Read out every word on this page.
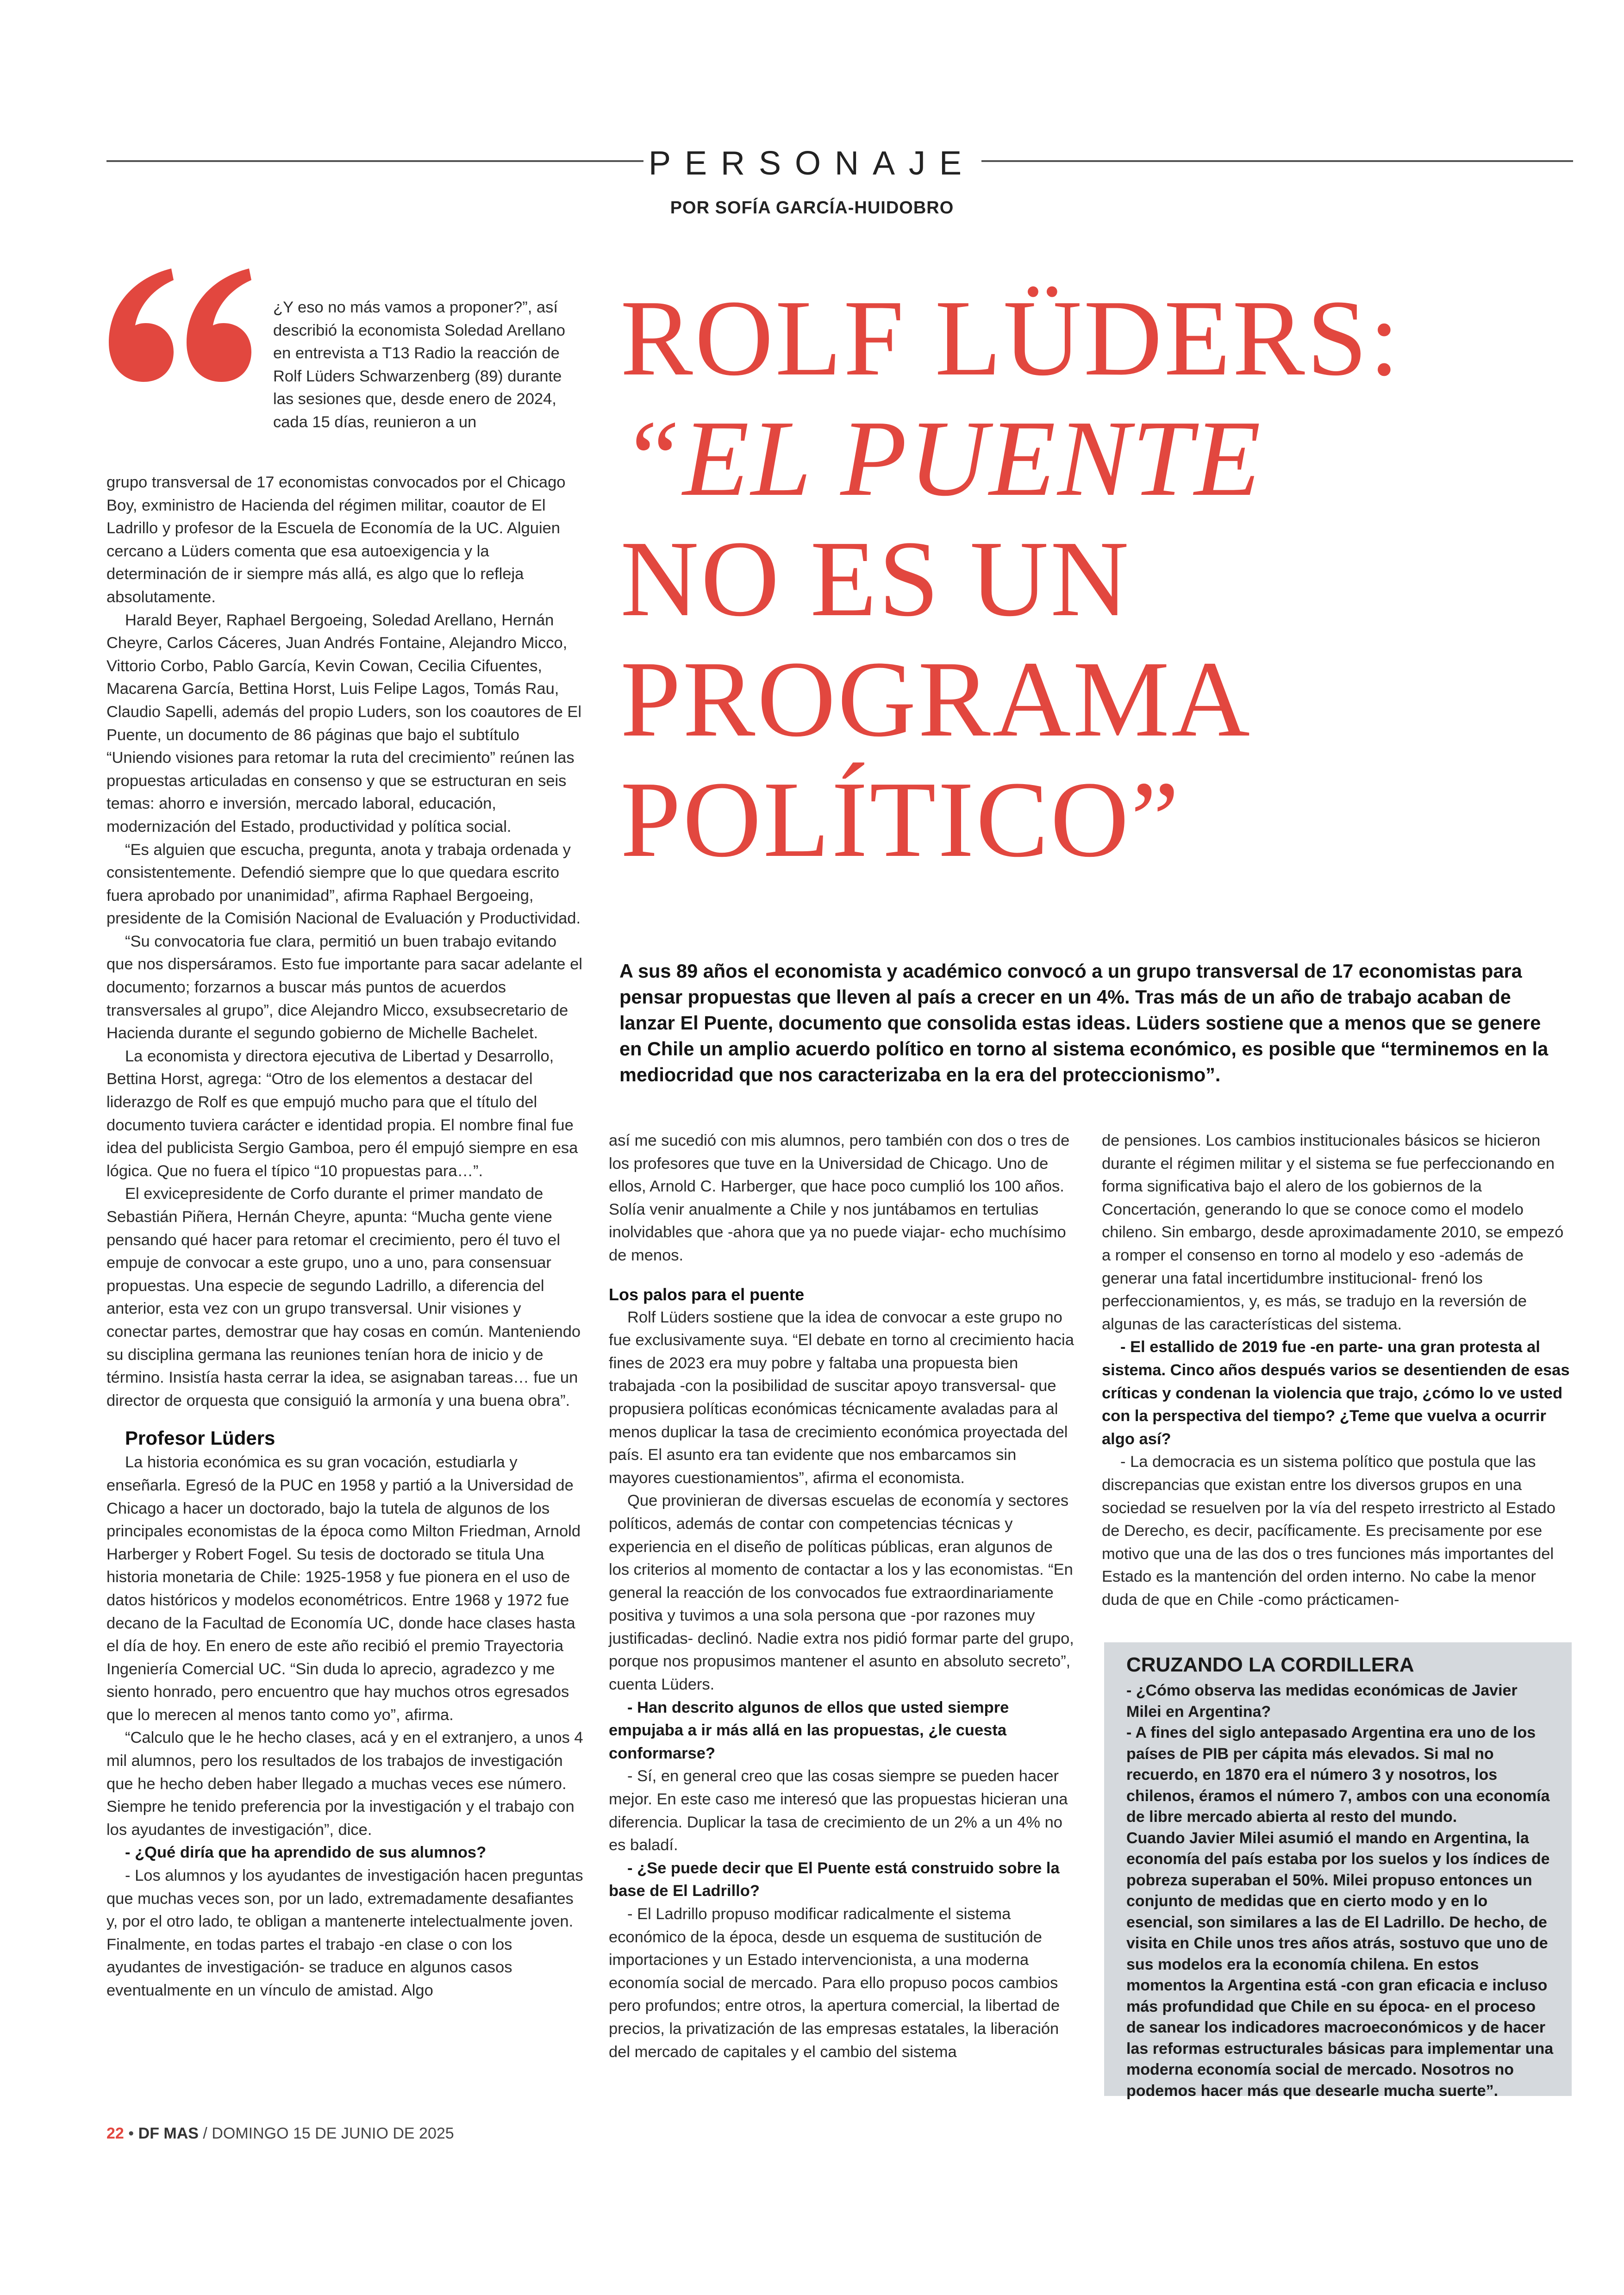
PERSONAJE
POR SOFÍA GARCÍA-HUIDOBRO

¿Y eso no más vamos a proponer?”, así describió la economista Soledad Arellano en entrevista a T13 Radio la reacción de Rolf Lüders Schwarzenberg (89) durante las sesiones que, desde enero de 2024, cada 15 días, reunieron a un

grupo transversal de 17 economistas convocados por el Chicago Boy, exministro de Hacienda del régimen militar, coautor de El Ladrillo y profesor de la Escuela de Economía de la UC. Alguien cercano a Lüders comenta que esa autoexigencia y la determinación de ir siempre más allá, es algo que lo refleja absolutamente.

Harald Beyer, Raphael Bergoeing, Soledad Arellano, Hernán Cheyre, Carlos Cáceres, Juan Andrés Fontaine, Alejandro Micco, Vittorio Corbo, Pablo García, Kevin Cowan, Cecilia Cifuentes, Macarena García, Bettina Horst, Luis Felipe Lagos, Tomás Rau, Claudio Sapelli, además del propio Luders, son los coautores de El Puente, un documento de 86 páginas que bajo el subtítulo “Uniendo visiones para retomar la ruta del crecimiento” reúnen las propuestas articuladas en consenso y que se estructuran en seis temas: ahorro e inversión, mercado laboral, educación, modernización del Estado, productividad y política social.

“Es alguien que escucha, pregunta, anota y trabaja ordenada y consistentemente. Defendió siempre que lo que quedara escrito fuera aprobado por unanimidad”, afirma Raphael Bergoeing, presidente de la Comisión Nacional de Evaluación y Productividad.

“Su convocatoria fue clara, permitió un buen trabajo evitando que nos dispersáramos. Esto fue importante para sacar adelante el documento; forzarnos a buscar más puntos de acuerdos transversales al grupo”, dice Alejandro Micco, exsubsecretario de Hacienda durante el segundo gobierno de Michelle Bachelet.

La economista y directora ejecutiva de Libertad y Desarrollo, Bettina Horst, agrega: “Otro de los elementos a destacar del liderazgo de Rolf es que empujó mucho para que el título del documento tuviera carácter e identidad propia. El nombre final fue idea del publicista Sergio Gamboa, pero él empujó siempre en esa lógica. Que no fuera el típico “10 propuestas para…”.

El exvicepresidente de Corfo durante el primer mandato de Sebastián Piñera, Hernán Cheyre, apunta: “Mucha gente viene pensando qué hacer para retomar el crecimiento, pero él tuvo el empuje de convocar a este grupo, uno a uno, para consensuar propuestas. Una especie de segundo Ladrillo, a diferencia del anterior, esta vez con un grupo transversal. Unir visiones y conectar partes, demostrar que hay cosas en común. Manteniendo su disciplina germana las reuniones tenían hora de inicio y de término. Insistía hasta cerrar la idea, se asignaban tareas… fue un director de orquesta que consiguió la armonía y una buena obra”.

Profesor Lüders

La historia económica es su gran vocación, estudiarla y enseñarla. Egresó de la PUC en 1958 y partió a la Universidad de Chicago a hacer un doctorado, bajo la tutela de algunos de los principales economistas de la época como Milton Friedman, Arnold Harberger y Robert Fogel. Su tesis de doctorado se titula Una historia monetaria de Chile: 1925-1958 y fue pionera en el uso de datos históricos y modelos econométricos. Entre 1968 y 1972 fue decano de la Facultad de Economía UC, donde hace clases hasta el día de hoy. En enero de este año recibió el premio Trayectoria Ingeniería Comercial UC. “Sin duda lo aprecio, agradezco y me siento honrado, pero encuentro que hay muchos otros egresados que lo merecen al menos tanto como yo”, afirma.

“Calculo que le he hecho clases, acá y en el extranjero, a unos 4 mil alumnos, pero los resultados de los trabajos de investigación que he hecho deben haber llegado a muchas veces ese número. Siempre he tenido preferencia por la investigación y el trabajo con los ayudantes de investigación”, dice.

- ¿Qué diría que ha aprendido de sus alumnos?

- Los alumnos y los ayudantes de investigación hacen preguntas que muchas veces son, por un lado, extremadamente desafiantes y, por el otro lado, te obligan a mantenerte intelectualmente joven. Finalmente, en todas partes el trabajo -en clase o con los ayudantes de investigación- se traduce en algunos casos eventualmente en un vínculo de amistad. Algo

ROLF LÜDERS:
“EL PUENTE
NO ES UN
PROGRAMA
POLÍTICO”
A sus 89 años el economista y académico convocó a un grupo transversal de 17 economistas para pensar propuestas que lleven al país a crecer en un 4%. Tras más de un año de trabajo acaban de lanzar El Puente, documento que consolida estas ideas. Lüders sostiene que a menos que se genere en Chile un amplio acuerdo político en torno al sistema económico, es posible que “terminemos en la mediocridad que nos caracterizaba en la era del proteccionismo”.

así me sucedió con mis alumnos, pero también con dos o tres de los profesores que tuve en la Universidad de Chicago. Uno de ellos, Arnold C. Harberger, que hace poco cumplió los 100 años. Solía venir anualmente a Chile y nos juntábamos en tertulias inolvidables que -ahora que ya no puede viajar- echo muchísimo de menos.

Los palos para el puente

Rolf Lüders sostiene que la idea de convocar a este grupo no fue exclusivamente suya. “El debate en torno al crecimiento hacia fines de 2023 era muy pobre y faltaba una propuesta bien trabajada -con la posibilidad de suscitar apoyo transversal- que propusiera políticas económicas técnicamente avaladas para al menos duplicar la tasa de crecimiento económica proyectada del país. El asunto era tan evidente que nos embarcamos sin mayores cuestionamientos”, afirma el economista.

Que provinieran de diversas escuelas de economía y sectores políticos, además de contar con competencias técnicas y experiencia en el diseño de políticas públicas, eran algunos de los criterios al momento de contactar a los y las economistas. “En general la reacción de los convocados fue extraordinariamente positiva y tuvimos a una sola persona que -por razones muy justificadas- declinó. Nadie extra nos pidió formar parte del grupo, porque nos propusimos mantener el asunto en absoluto secreto”, cuenta Lüders.

- Han descrito algunos de ellos que usted siempre empujaba a ir más allá en las propuestas, ¿le cuesta conformarse?

- Sí, en general creo que las cosas siempre se pueden hacer mejor. En este caso me interesó que las propuestas hicieran una diferencia. Duplicar la tasa de crecimiento de un 2% a un 4% no es baladí.

- ¿Se puede decir que El Puente está construido sobre la base de El Ladrillo?

- El Ladrillo propuso modificar radicalmente el sistema económico de la época, desde un esquema de sustitución de importaciones y un Estado intervencionista, a una moderna economía social de mercado. Para ello propuso pocos cambios pero profundos; entre otros, la apertura comercial, la libertad de precios, la privatización de las empresas estatales, la liberación del mercado de capitales y el cambio del sistema

de pensiones. Los cambios institucionales básicos se hicieron durante el régimen militar y el sistema se fue perfeccionando en forma significativa bajo el alero de los gobiernos de la Concertación, generando lo que se conoce como el modelo chileno. Sin embargo, desde aproximadamente 2010, se empezó a romper el consenso en torno al modelo y eso -además de generar una fatal incertidumbre institucional- frenó los perfeccionamientos, y, es más, se tradujo en la reversión de algunas de las características del sistema.

- El estallido de 2019 fue -en parte- una gran protesta al sistema. Cinco años después varios se desentienden de esas críticas y condenan la violencia que trajo, ¿cómo lo ve usted con la perspectiva del tiempo? ¿Teme que vuelva a ocurrir algo así?

- La democracia es un sistema político que postula que las discrepancias que existan entre los diversos grupos en una sociedad se resuelven por la vía del respeto irrestricto al Estado de Derecho, es decir, pacíficamente. Es precisamente por ese motivo que una de las dos o tres funciones más importantes del Estado es la mantención del orden interno. No cabe la menor duda de que en Chile -como prácticamen-

CRUZANDO LA CORDILLERA

- ¿Cómo observa las medidas económicas de Javier Milei en Argentina?

- A fines del siglo antepasado Argentina era uno de los países de PIB per cápita más elevados. Si mal no recuerdo, en 1870 era el número 3 y nosotros, los chilenos, éramos el número 7, ambos con una economía de libre mercado abierta al resto del mundo.

Cuando Javier Milei asumió el mando en Argentina, la economía del país estaba por los suelos y los índices de pobreza superaban el 50%. Milei propuso entonces un conjunto de medidas que en cierto modo y en lo esencial, son similares a las de El Ladrillo. De hecho, de visita en Chile unos tres años atrás, sostuvo que uno de sus modelos era la economía chilena. En estos momentos la Argentina está -con gran eficacia e incluso más profundidad que Chile en su época- en el proceso de sanear los indicadores macroeconómicos y de hacer las reformas estructurales básicas para implementar una moderna economía social de mercado. Nosotros no podemos hacer más que desearle mucha suerte”.

22 • DF MAS / DOMINGO 15 DE JUNIO DE 2025
